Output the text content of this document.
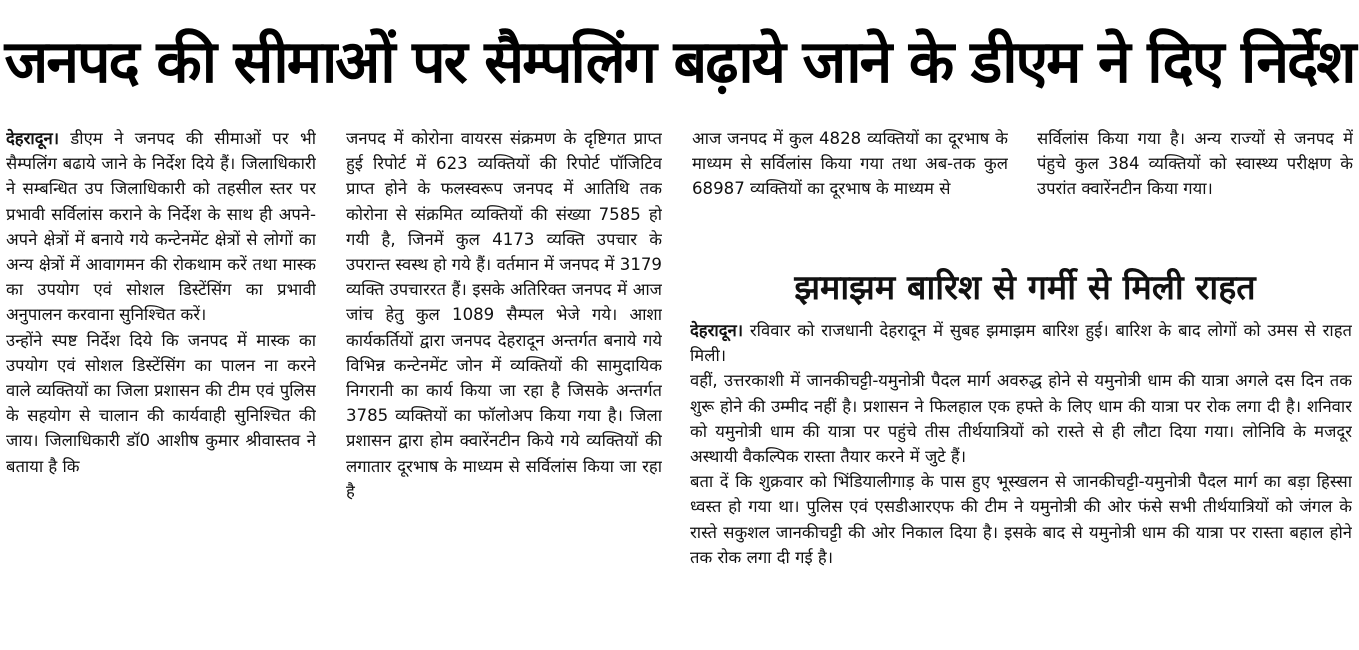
जनपद की सीमाओं पर सैम्पलिंग बढ़ाये जाने के डीएम ने दिए निर्देश

देहरादून। डीएम ने जनपद की सीमाओं पर भी सैम्पलिंग बढाये जाने के निर्देश दिये हैं। जिलाधिकारी ने सम्बन्धित उप जिलाधिकारी को तहसील स्तर पर प्रभावी सर्विलांस कराने के निर्देश के साथ ही अपने-अपने क्षेत्रों में बनाये गये कन्टेनमेंट क्षेत्रों से लोगों का अन्य क्षेत्रों में आवागमन की रोकथाम करें तथा मास्क का उपयोग एवं सोशल डिस्टेंसिंग का प्रभावी अनुपालन करवाना सुनिश्चित करें।

उन्होंने स्पष्ट निर्देश दिये कि जनपद में मास्क का उपयोग एवं सोशल डिस्टेंसिंग का पालन ना करने वाले व्यक्तियों का जिला प्रशासन की टीम एवं पुलिस के सहयोग से चालान की कार्यवाही सुनिश्चित की जाय। जिलाधिकारी डॉ0 आशीष कुमार श्रीवास्तव ने बताया है कि

जनपद में कोरोना वायरस संक्रमण के दृष्टिगत प्राप्त हुई रिपोर्ट में 623 व्यक्तियों की रिपोर्ट पॉजिटिव प्राप्त होने के फलस्वरूप जनपद में आतिथि तक कोरोना से संक्रमित व्यक्तियों की संख्या 7585 हो गयी है, जिनमें कुल 4173 व्यक्ति उपचार के उपरान्त स्वस्थ हो गये हैं। वर्तमान में जनपद में 3179 व्यक्ति उपचाररत हैं। इसके अतिरिक्त जनपद में आज जांच हेतु कुल 1089 सैम्पल भेजे गये। आशा कार्यकर्तियों द्वारा जनपद देहरादून अन्तर्गत बनाये गये विभिन्न कन्टेनमेंट जोन में व्यक्तियों की सामुदायिक निगरानी का कार्य किया जा रहा है जिसके अन्तर्गत 3785 व्यक्तियों का फॉलोअप किया गया है। जिला प्रशासन द्वारा होम क्वारेंनटीन किये गये व्यक्तियों की लगातार दूरभाष के माध्यम से सर्विलांस किया जा रहा है

आज जनपद में कुल 4828 व्यक्तियों का दूरभाष के माध्यम से सर्विलांस किया गया तथा अब-तक कुल 68987 व्यक्तियों का दूरभाष के माध्यम से

सर्विलांस किया गया है। अन्य राज्यों से जनपद में पंहुचे कुल 384 व्यक्तियों को स्वास्थ्य परीक्षण के उपरांत क्वारेंनटीन किया गया।

झमाझम बारिश से गर्मी से मिली राहत

देहरादून। रविवार को राजधानी देहरादून में सुबह झमाझम बारिश हुई। बारिश के बाद लोगों को उमस से राहत मिली।

वहीं, उत्तरकाशी में जानकीचट्टी-यमुनोत्री पैदल मार्ग अवरुद्ध होने से यमुनोत्री धाम की यात्रा अगले दस दिन तक शुरू होने की उम्मीद नहीं है। प्रशासन ने फिलहाल एक हफ्ते के लिए धाम की यात्रा पर रोक लगा दी है। शनिवार को यमुनोत्री धाम की यात्रा पर पहुंचे तीस तीर्थयात्रियों को रास्ते से ही लौटा दिया गया। लोनिवि के मजदूर अस्थायी वैकल्पिक रास्ता तैयार करने में जुटे हैं।

बता दें कि शुक्रवार को भिंडियालीगाड़ के पास हुए भूस्खलन से जानकीचट्टी-यमुनोत्री पैदल मार्ग का बड़ा हिस्सा ध्वस्त हो गया था। पुलिस एवं एसडीआरएफ की टीम ने यमुनोत्री की ओर फंसे सभी तीर्थयात्रियों को जंगल के रास्ते सकुशल जानकीचट्टी की ओर निकाल दिया है। इसके बाद से यमुनोत्री धाम की यात्रा पर रास्ता बहाल होने तक रोक लगा दी गई है।
